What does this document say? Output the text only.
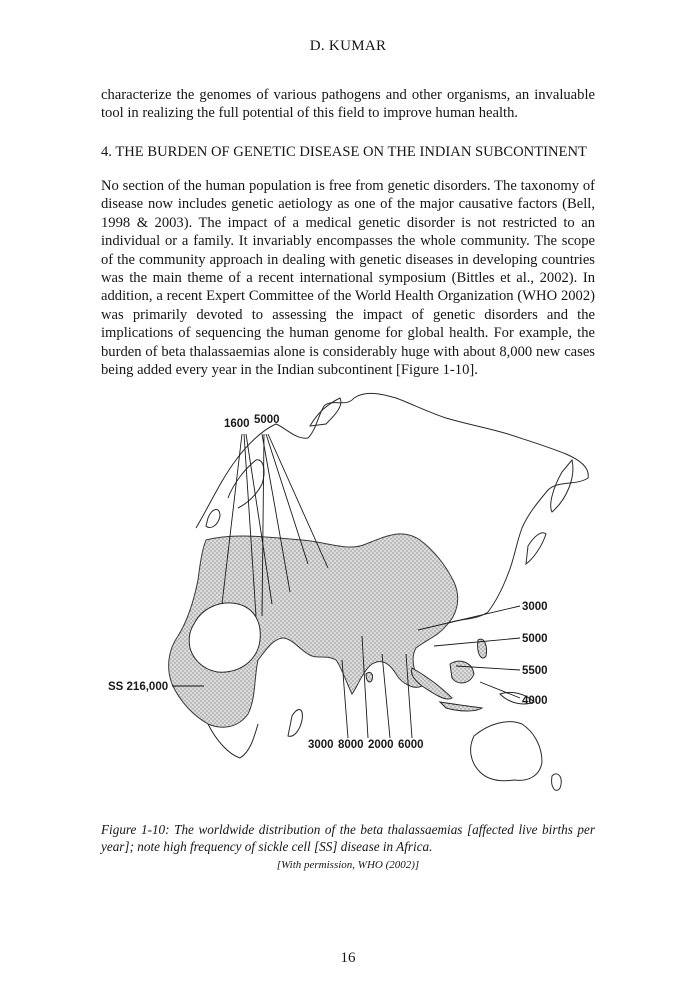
D. KUMAR

characterize the genomes of various pathogens and other organisms, an invaluable tool in realizing the full potential of this field to improve human health.

4. THE BURDEN OF GENETIC DISEASE ON THE INDIAN SUBCONTINENT

No section of the human population is free from genetic disorders. The taxonomy of disease now includes genetic aetiology as one of the major causative factors (Bell, 1998 & 2003). The impact of a medical genetic disorder is not restricted to an individual or a family. It invariably encompasses the whole community. The scope of the community approach in dealing with genetic diseases in developing countries was the main theme of a recent international symposium (Bittles et al., 2002). In addition, a recent Expert Committee of the World Health Organization (WHO 2002) was primarily devoted to assessing the impact of genetic disorders and the implications of sequencing the human genome for global health. For example, the burden of beta thalassaemias alone is considerably huge with about 8,000 new cases being added every year in the Indian subcontinent [Figure 1-10].

1600 5000
3000
5000
5500
4000
SS 216,000
3000 8000 2000 6000

Figure 1-10: The worldwide distribution of the beta thalassaemias [affected live births per year]; note high frequency of sickle cell [SS] disease in Africa.

[With permission, WHO (2002)]
16
